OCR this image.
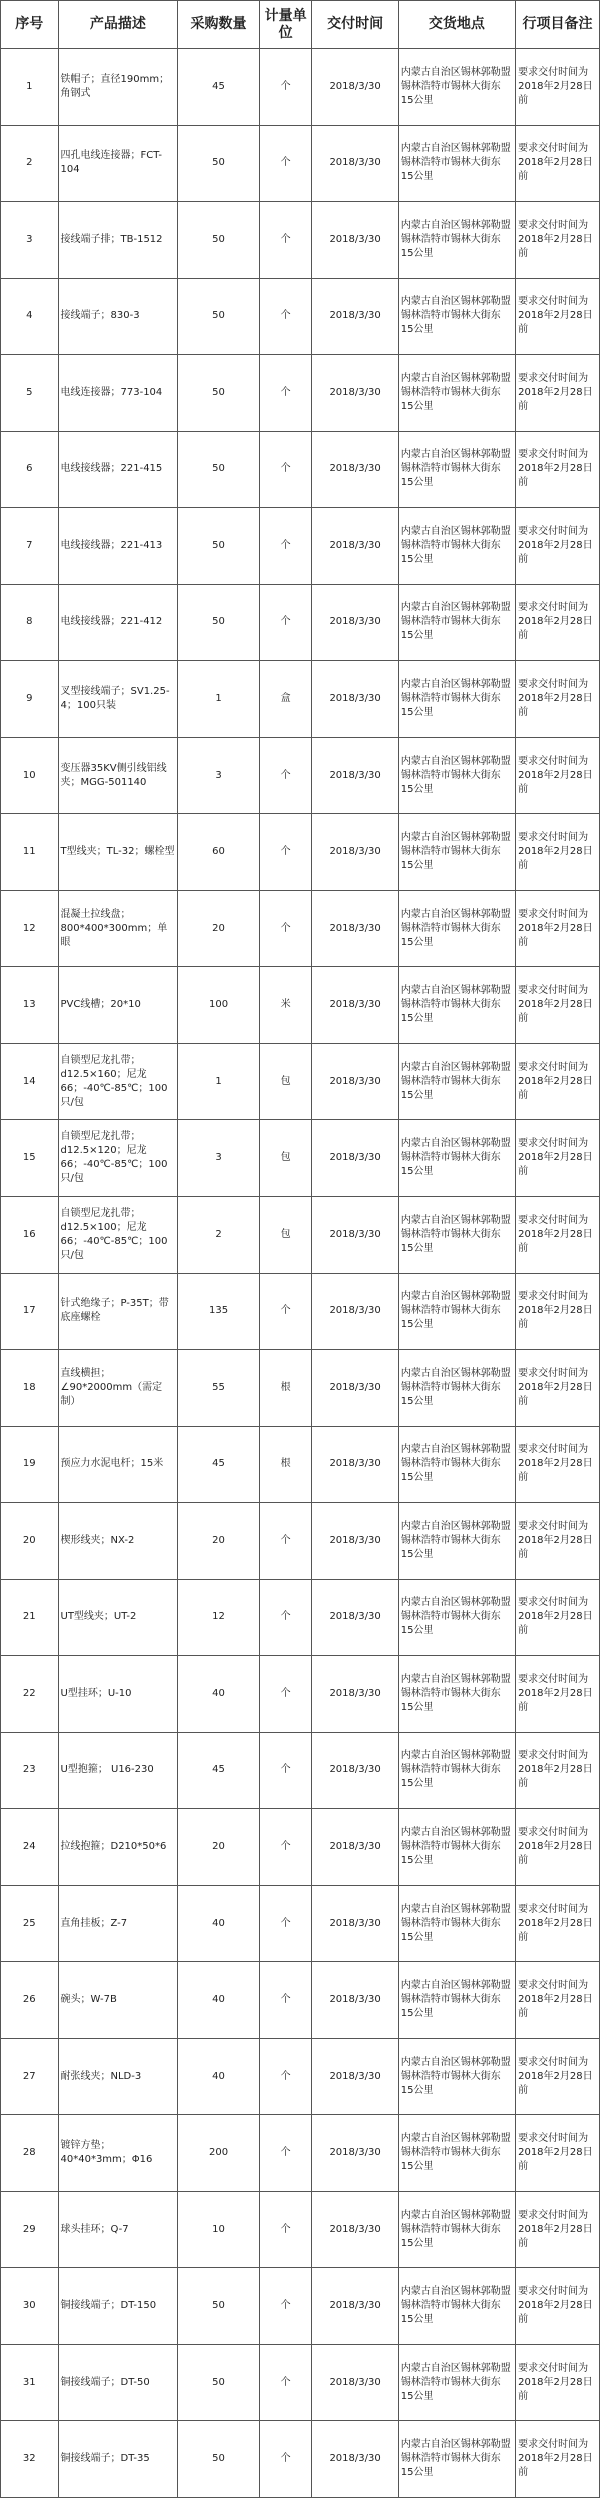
序号	产品描述	采购数量	计量单位	交付时间	交货地点	行项目备注
1	铁帽子；直径190mm；角钢式	45	个	2018/3/30	内蒙古自治区锡林郭勒盟锡林浩特市锡林大街东15公里	要求交付时间为2018年2月28日前
2	四孔电线连接器；FCT-104	50	个	2018/3/30	内蒙古自治区锡林郭勒盟锡林浩特市锡林大街东15公里	要求交付时间为2018年2月28日前
3	接线端子排；TB-1512	50	个	2018/3/30	内蒙古自治区锡林郭勒盟锡林浩特市锡林大街东15公里	要求交付时间为2018年2月28日前
4	接线端子；830-3	50	个	2018/3/30	内蒙古自治区锡林郭勒盟锡林浩特市锡林大街东15公里	要求交付时间为2018年2月28日前
5	电线连接器；773-104	50	个	2018/3/30	内蒙古自治区锡林郭勒盟锡林浩特市锡林大街东15公里	要求交付时间为2018年2月28日前
6	电线接线器；221-415	50	个	2018/3/30	内蒙古自治区锡林郭勒盟锡林浩特市锡林大街东15公里	要求交付时间为2018年2月28日前
7	电线接线器；221-413	50	个	2018/3/30	内蒙古自治区锡林郭勒盟锡林浩特市锡林大街东15公里	要求交付时间为2018年2月28日前
8	电线接线器；221-412	50	个	2018/3/30	内蒙古自治区锡林郭勒盟锡林浩特市锡林大街东15公里	要求交付时间为2018年2月28日前
9	叉型接线端子；SV1.25-4；100只装	1	盒	2018/3/30	内蒙古自治区锡林郭勒盟锡林浩特市锡林大街东15公里	要求交付时间为2018年2月28日前
10	变压器35KV侧引线铝线夹；MGG-501140	3	个	2018/3/30	内蒙古自治区锡林郭勒盟锡林浩特市锡林大街东15公里	要求交付时间为2018年2月28日前
11	T型线夹；TL-32；螺栓型	60	个	2018/3/30	内蒙古自治区锡林郭勒盟锡林浩特市锡林大街东15公里	要求交付时间为2018年2月28日前
12	混凝土拉线盘；800*400*300mm；单眼	20	个	2018/3/30	内蒙古自治区锡林郭勒盟锡林浩特市锡林大街东15公里	要求交付时间为2018年2月28日前
13	PVC线槽；20*10	100	米	2018/3/30	内蒙古自治区锡林郭勒盟锡林浩特市锡林大街东15公里	要求交付时间为2018年2月28日前
14	自锁型尼龙扎带；d12.5×160；尼龙66；-40℃-85℃；100只/包	1	包	2018/3/30	内蒙古自治区锡林郭勒盟锡林浩特市锡林大街东15公里	要求交付时间为2018年2月28日前
15	自锁型尼龙扎带；d12.5×120；尼龙66；-40℃-85℃；100只/包	3	包	2018/3/30	内蒙古自治区锡林郭勒盟锡林浩特市锡林大街东15公里	要求交付时间为2018年2月28日前
16	自锁型尼龙扎带；d12.5×100；尼龙66；-40℃-85℃；100只/包	2	包	2018/3/30	内蒙古自治区锡林郭勒盟锡林浩特市锡林大街东15公里	要求交付时间为2018年2月28日前
17	针式绝缘子；P-35T；带底座螺栓	135	个	2018/3/30	内蒙古自治区锡林郭勒盟锡林浩特市锡林大街东15公里	要求交付时间为2018年2月28日前
18	直线横担；∠90*2000mm（需定制）	55	根	2018/3/30	内蒙古自治区锡林郭勒盟锡林浩特市锡林大街东15公里	要求交付时间为2018年2月28日前
19	预应力水泥电杆；15米	45	根	2018/3/30	内蒙古自治区锡林郭勒盟锡林浩特市锡林大街东15公里	要求交付时间为2018年2月28日前
20	楔形线夹；NX-2	20	个	2018/3/30	内蒙古自治区锡林郭勒盟锡林浩特市锡林大街东15公里	要求交付时间为2018年2月28日前
21	UT型线夹；UT-2	12	个	2018/3/30	内蒙古自治区锡林郭勒盟锡林浩特市锡林大街东15公里	要求交付时间为2018年2月28日前
22	U型挂环；U-10	40	个	2018/3/30	内蒙古自治区锡林郭勒盟锡林浩特市锡林大街东15公里	要求交付时间为2018年2月28日前
23	U型抱箍； U16-230	45	个	2018/3/30	内蒙古自治区锡林郭勒盟锡林浩特市锡林大街东15公里	要求交付时间为2018年2月28日前
24	拉线抱箍；D210*50*6	20	个	2018/3/30	内蒙古自治区锡林郭勒盟锡林浩特市锡林大街东15公里	要求交付时间为2018年2月28日前
25	直角挂板；Z-7	40	个	2018/3/30	内蒙古自治区锡林郭勒盟锡林浩特市锡林大街东15公里	要求交付时间为2018年2月28日前
26	碗头；W-7B	40	个	2018/3/30	内蒙古自治区锡林郭勒盟锡林浩特市锡林大街东15公里	要求交付时间为2018年2月28日前
27	耐张线夹；NLD-3	40	个	2018/3/30	内蒙古自治区锡林郭勒盟锡林浩特市锡林大街东15公里	要求交付时间为2018年2月28日前
28	镀锌方垫；40*40*3mm；Φ16	200	个	2018/3/30	内蒙古自治区锡林郭勒盟锡林浩特市锡林大街东15公里	要求交付时间为2018年2月28日前
29	球头挂环；Q-7	10	个	2018/3/30	内蒙古自治区锡林郭勒盟锡林浩特市锡林大街东15公里	要求交付时间为2018年2月28日前
30	铜接线端子；DT-150	50	个	2018/3/30	内蒙古自治区锡林郭勒盟锡林浩特市锡林大街东15公里	要求交付时间为2018年2月28日前
31	铜接线端子；DT-50	50	个	2018/3/30	内蒙古自治区锡林郭勒盟锡林浩特市锡林大街东15公里	要求交付时间为2018年2月28日前
32	铜接线端子；DT-35	50	个	2018/3/30	内蒙古自治区锡林郭勒盟锡林浩特市锡林大街东15公里	要求交付时间为2018年2月28日前
